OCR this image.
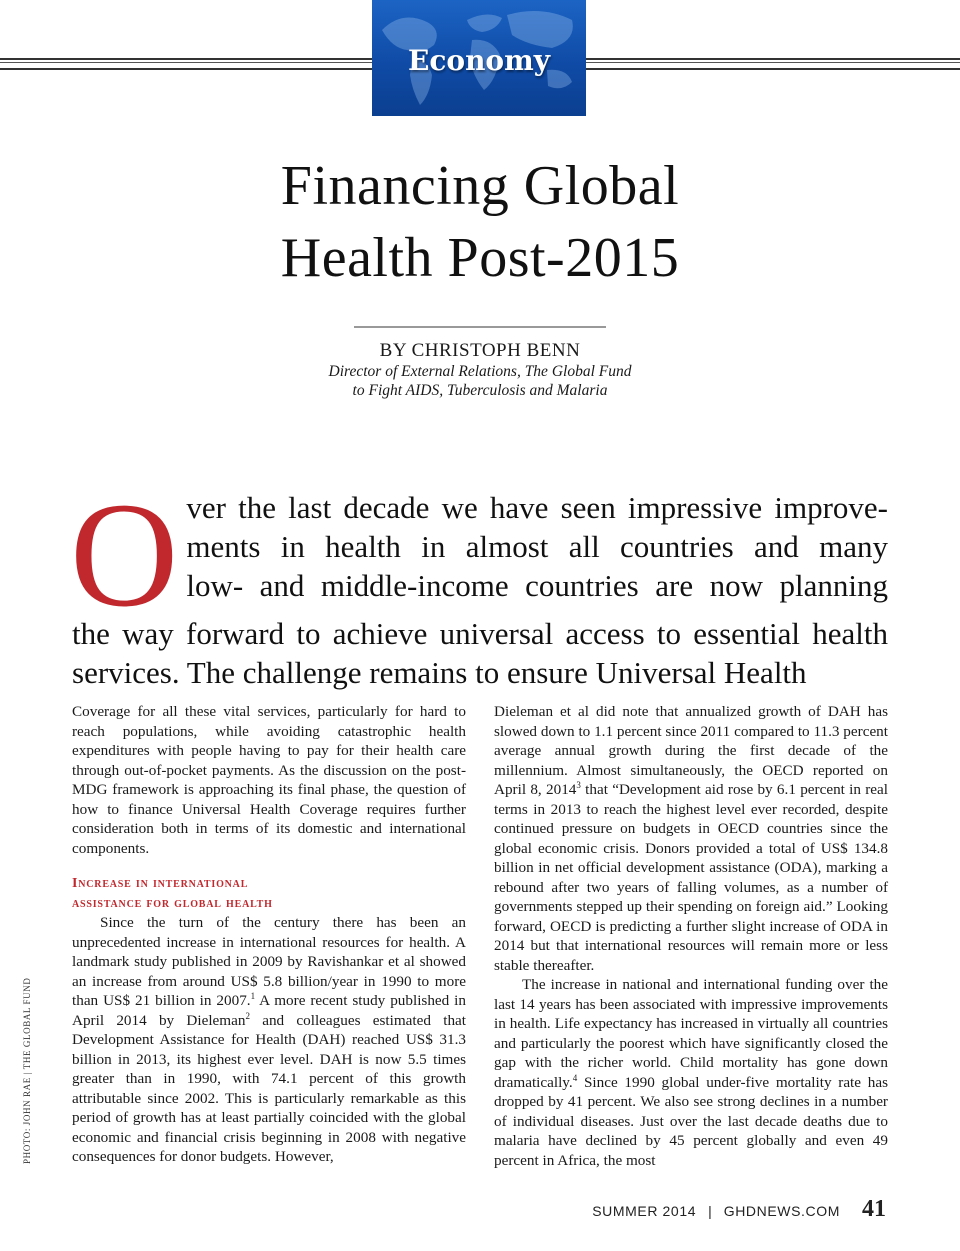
Economy
Financing Global
Health Post-2015
BY CHRISTOPH BENN
Director of External Relations, The Global Fund
to Fight AIDS, Tuberculosis and Malaria
O ver the last decade we have seen impressive improve-
ments in health in almost all countries and many
low- and middle-income countries are now planning
the way forward to achieve universal access to essential health
services. The challenge remains to ensure Universal Health

Coverage for all these vital services, particularly for hard to reach populations, while avoiding catastrophic health expenditures with people having to pay for their health care through out-of-pocket payments. As the discussion on the post-MDG framework is approaching its final phase, the question of how to finance Universal Health Coverage requires further consideration both in terms of its domestic and international components.

Increase in international
assistance for global health

Since the turn of the century there has been an unprecedented increase in international resources for health. A landmark study published in 2009 by Ravishankar et al showed an increase from around US$ 5.8 billion/year in 1990 to more than US$ 21 billion in 2007.$^1$ A more recent study published in April 2014 by Dieleman$^2$ and colleagues estimated that Development Assistance for Health (DAH) reached US$ 31.3 billion in 2013, its highest ever level. DAH is now 5.5 times greater than in 1990, with 74.1 percent of this growth attributable since 2002. This is particularly remarkable as this period of growth has at least partially coincided with the global economic and financial crisis beginning in 2008 with negative consequences for donor budgets. However,

Dieleman et al did note that annualized growth of DAH has slowed down to 1.1 percent since 2011 compared to 11.3 percent average annual growth during the first decade of the millennium. Almost simultaneously, the OECD reported on April 8, 2014$^3$ that “Development aid rose by 6.1 percent in real terms in 2013 to reach the highest level ever recorded, despite continued pressure on budgets in OECD countries since the global economic crisis. Donors provided a total of US$ 134.8 billion in net official development assistance (ODA), marking a rebound after two years of falling volumes, as a number of governments stepped up their spending on foreign aid.” Looking forward, OECD is predicting a further slight increase of ODA in 2014 but that international resources will remain more or less stable thereafter.

The increase in national and international funding over the last 14 years has been associated with impressive improvements in health. Life expectancy has increased in virtually all countries and particularly the poorest which have significantly closed the gap with the richer world. Child mortality has gone down dramatically.$^4$ Since 1990 global under-five mortality rate has dropped by 41 percent. We also see strong declines in a number of individual diseases. Just over the last decade deaths due to malaria have declined by 45 percent globally and even 49 percent in Africa, the most

PHOTO: JOHN RAE | THE GLOBAL FUND
SUMMER 2014 | GHDNEWS.COM 41
